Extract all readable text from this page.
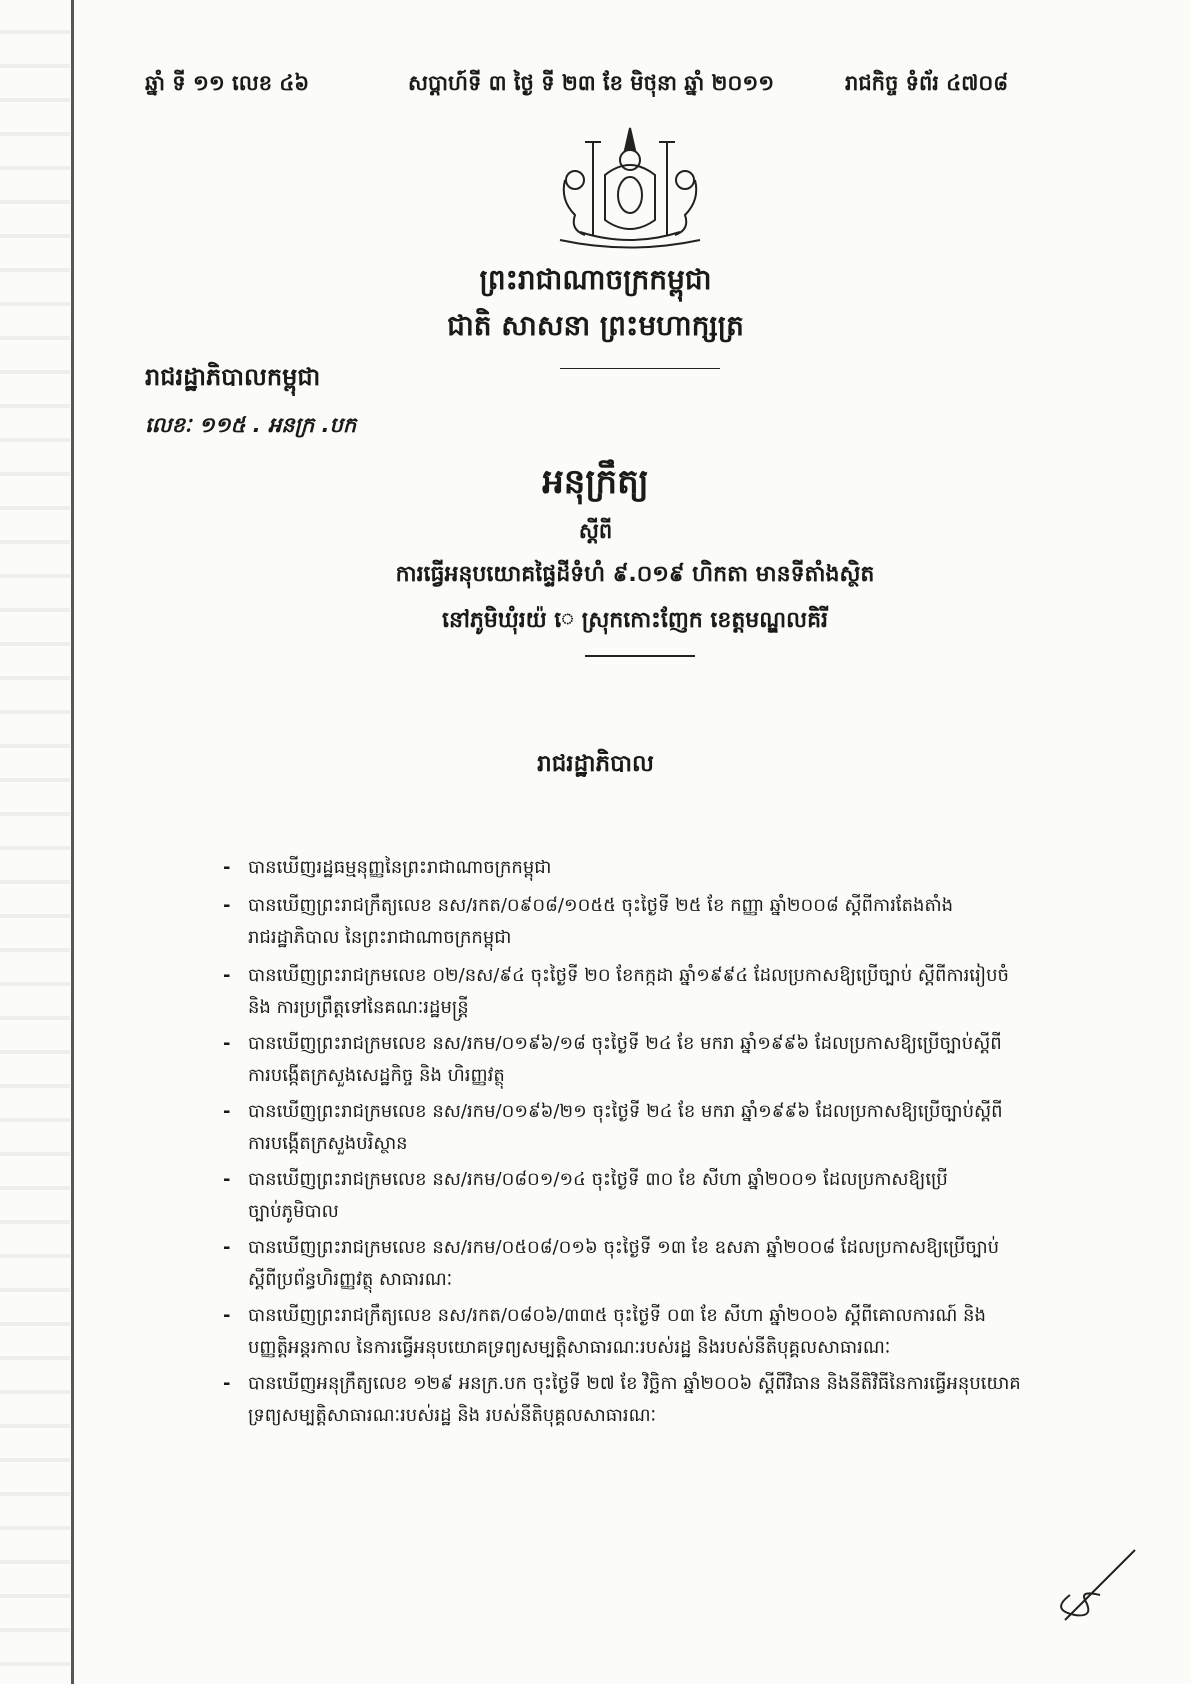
ឆ្នាំ ទី ១១ លេខ ៤៦	សប្តាហ៍ទី ៣ ថ្ងៃ ទី ២៣ ខែ មិថុនា ឆ្នាំ ២០១១	រាជកិច្ច ទំព័រ ៤៧០៨
ព្រះរាជាណាចក្រកម្ពុជា
ជាតិ សាសនា ព្រះមហាក្សត្រ
រាជរដ្ឋាភិបាលកម្ពុជា
លេខៈ ១១៥ . អនក្រ .បក
អនុក្រឹត្យ
ស្តីពី
ការធ្វើអនុបយោគផ្ទៃដីទំហំ ៩.០១៩ ហិកតា មានទីតាំងស្ថិត
នៅភូមិឃុំរយ៉ េ ស្រុកកោះញែក ខេត្តមណ្ឌលគិរី
រាជរដ្ឋាភិបាល
- បានឃើញរដ្ឋធម្មនុញ្ញនៃព្រះរាជាណាចក្រកម្ពុជា
- បានឃើញព្រះរាជក្រឹត្យលេខ នស/រកត/០៩០៨/១០៥៥ ចុះថ្ងៃទី ២៥ ខែ កញ្ញា ឆ្នាំ២០០៨ ស្តីពីការតែងតាំង
រាជរដ្ឋាភិបាល នៃព្រះរាជាណាចក្រកម្ពុជា
- បានឃើញព្រះរាជក្រមលេខ ០២/នស/៩៤ ចុះថ្ងៃទី ២០ ខែកក្កដា ឆ្នាំ១៩៩៤ ដែលប្រកាសឱ្យប្រើច្បាប់ ស្តីពីការរៀបចំ
និង ការប្រព្រឹត្តទៅនៃគណៈរដ្ឋមន្ត្រី
- បានឃើញព្រះរាជក្រមលេខ នស/រកម/០១៩៦/១៨ ចុះថ្ងៃទី ២៤ ខែ មករា ឆ្នាំ១៩៩៦ ដែលប្រកាសឱ្យប្រើច្បាប់ស្តីពី
ការបង្កើតក្រសួងសេដ្ឋកិច្ច និង ហិរញ្ញវត្ថុ
- បានឃើញព្រះរាជក្រមលេខ នស/រកម/០១៩៦/២១ ចុះថ្ងៃទី ២៤ ខែ មករា ឆ្នាំ១៩៩៦ ដែលប្រកាសឱ្យប្រើច្បាប់ស្តីពី
ការបង្កើតក្រសួងបរិស្ថាន
- បានឃើញព្រះរាជក្រមលេខ នស/រកម/០៨០១/១៤ ចុះថ្ងៃទី ៣០ ខែ សីហា ឆ្នាំ២០០១ ដែលប្រកាសឱ្យប្រើ
ច្បាប់ភូមិបាល
- បានឃើញព្រះរាជក្រមលេខ នស/រកម/០៥០៨/០១៦ ចុះថ្ងៃទី ១៣ ខែ ឧសភា ឆ្នាំ២០០៨ ដែលប្រកាសឱ្យប្រើច្បាប់
ស្តីពីប្រព័ន្ធហិរញ្ញវត្ថុ សាធារណៈ
- បានឃើញព្រះរាជក្រឹត្យលេខ នស/រកត/០៨០៦/៣៣៥ ចុះថ្ងៃទី ០៣ ខែ សីហា ឆ្នាំ២០០៦ ស្តីពីគោលការណ៍ និង
បញ្ញត្តិអន្តរកាល នៃការធ្វើអនុបយោគទ្រព្យសម្បត្តិសាធារណៈរបស់រដ្ឋ និងរបស់នីតិបុគ្គលសាធារណៈ
- បានឃើញអនុក្រឹត្យលេខ ១២៩ អនក្រ.បក ចុះថ្ងៃទី ២៧ ខែ វិច្ឆិកា ឆ្នាំ២០០៦ ស្តីពីវិធាន និងនីតិវិធីនៃការធ្វើអនុបយោគ
ទ្រព្យសម្បត្តិសាធារណៈរបស់រដ្ឋ និង របស់នីតិបុគ្គលសាធារណៈ
